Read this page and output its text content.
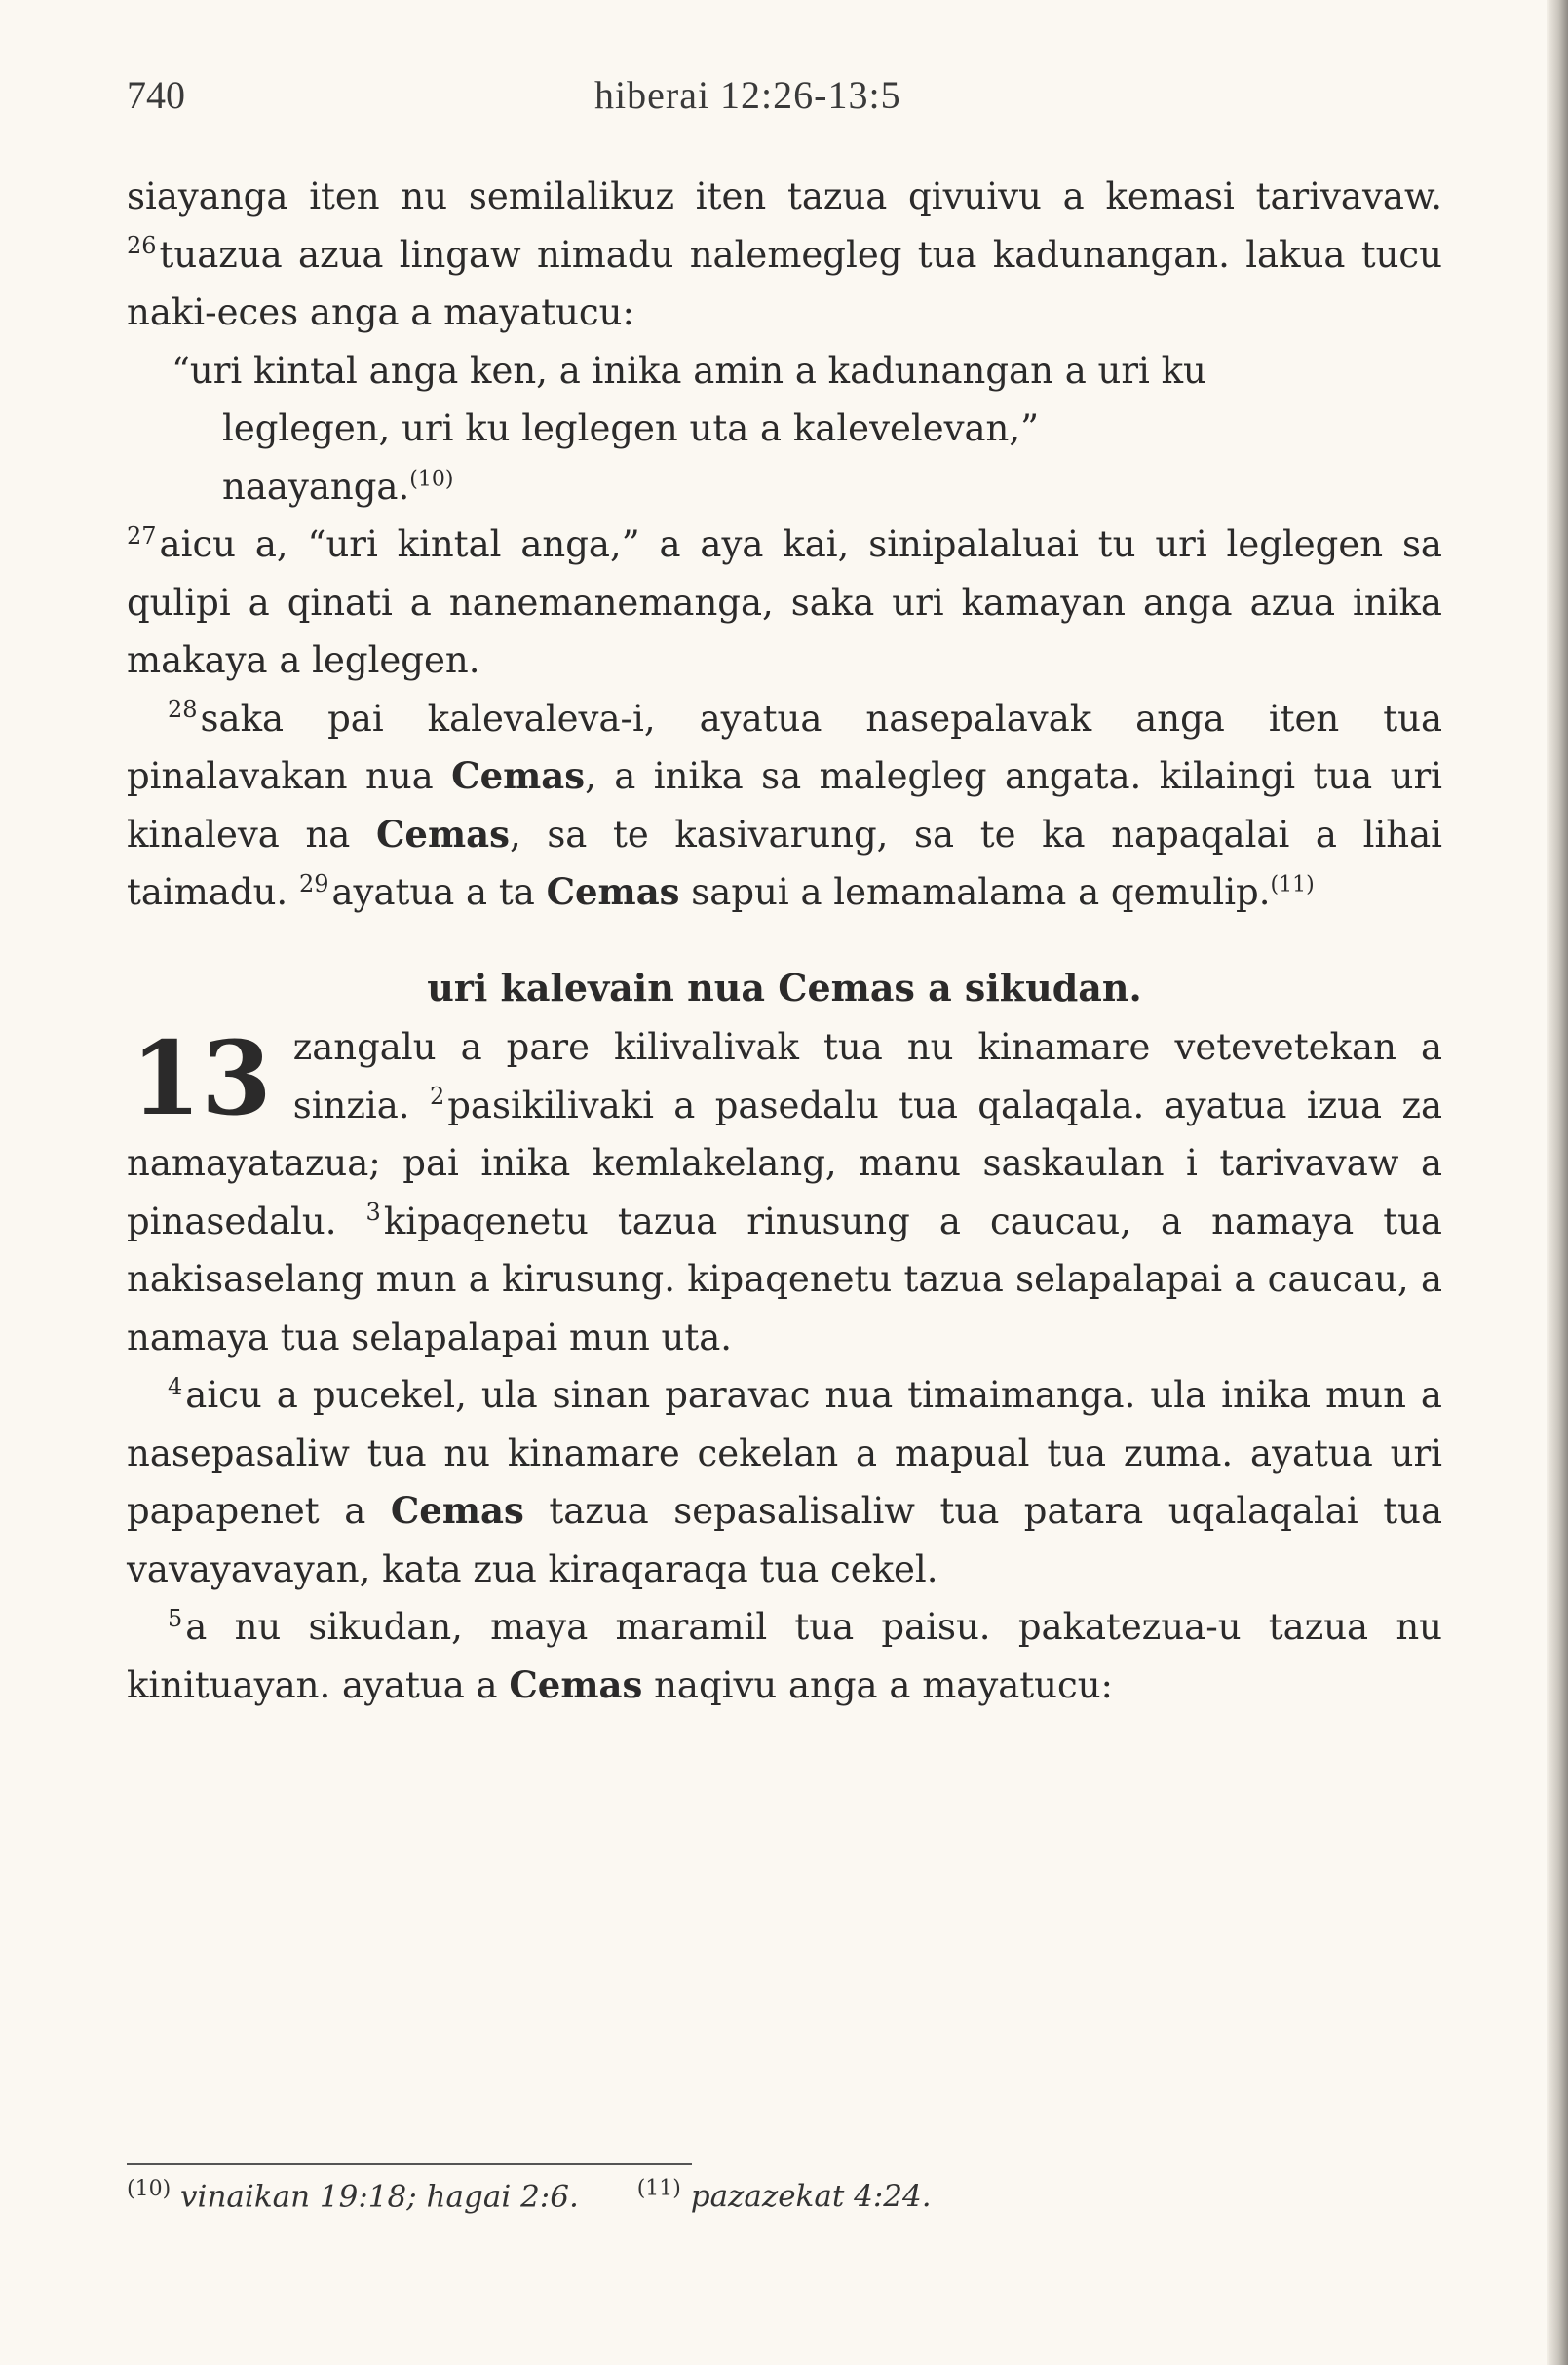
740	hiberai 12:26-13:5

siayanga iten nu semilalikuz iten tazua qivuivu a kemasi tarivavaw. $^{26}$tuazua azua lingaw nimadu nalemegleg tua kadunangan. lakua tucu naki-eces anga a mayatucu:

“uri kintal anga ken, a inika amin a kadunangan a uri ku

leglegen, uri ku leglegen uta a kalevelevan,”

naayanga.$^{(10)}$

$^{27}$aicu a, “uri kintal anga,” a aya kai, sinipalaluai tu uri leglegen sa qulipi a qinati a nanemanemanga, saka uri kamayan anga azua inika makaya a leglegen.

$^{28}$saka pai kalevaleva-i, ayatua nasepalavak anga iten tua pinalavakan nua Cemas, a inika sa malegleg angata. kilaingi tua uri kinaleva na Cemas, sa te kasivarung, sa te ka napaqalai a lihai taimadu. $^{29}$ayatua a ta Cemas sapui a lemamalama a qemulip.$^{(11)}$

uri kalevain nua Cemas a sikudan.

13 zangalu a pare kilivalivak tua nu kinamare vetevetekan a sinzia. $^2$pasikilivaki a pasedalu tua qalaqala. ayatua izua za namayatazua; pai inika kemlakelang, manu saskaulan i tarivavaw a pinasedalu. $^3$kipaqenetu tazua rinusung a caucau, a namaya tua nakisaselang mun a kirusung. kipaqenetu tazua selapalapai a caucau, a namaya tua selapalapai mun uta.

$^4$aicu a pucekel, ula sinan paravac nua timaimanga. ula inika mun a nasepasaliw tua nu kinamare cekelan a mapual tua zuma. ayatua uri papapenet a Cemas tazua sepasalisaliw tua patara uqalaqalai tua vavayavayan, kata zua kiraqaraqa tua cekel.

$^5$a nu sikudan, maya maramil tua paisu. pakatezua-u tazua nu kinituayan. ayatua a Cemas naqivu anga a mayatucu:

$^{(10)}$ vinaikan 19:18; hagai 2:6.	$^{(11)}$ pazazekat 4:24.
